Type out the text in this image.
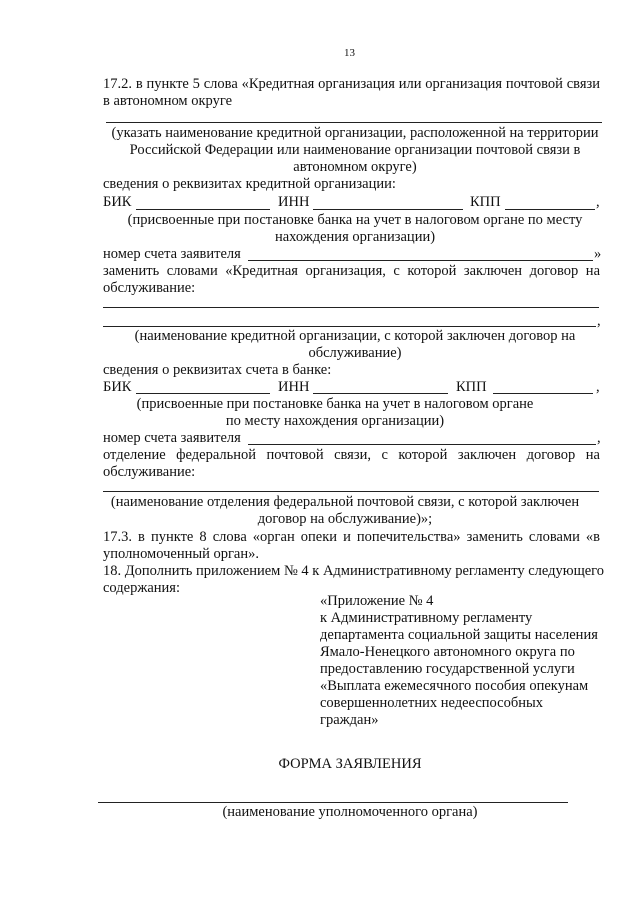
13
17.2. в пункте 5 слова «Кредитная организация или организация почтовой связи
в автономном округе
(указать наименование кредитной организации, расположенной на территории
Российской Федерации или наименование организации почтовой связи в
автономном округе)
сведения о реквизитах кредитной организации:
БИК	ИНН	КПП	,
(присвоенные при постановке банка на учет в налоговом органе по месту
нахождения организации)
номер счета заявителя	»
заменить словами «Кредитная организация, с которой заключен договор на
обслуживание:
,
(наименование кредитной организации, с которой заключен договор на
обслуживание)
сведения о реквизитах счета в банке:
БИК	ИНН	КПП	,
(присвоенные при постановке банка на учет в налоговом органе
по месту нахождения организации)
номер счета заявителя	,
отделение федеральной почтовой связи, с которой заключен договор на
обслуживание:
(наименование отделения федеральной почтовой связи, с которой заключен
договор на обслуживание)»;
17.3. в пункте 8 слова «орган опеки и попечительства» заменить словами «в
уполномоченный орган».
18. Дополнить приложением № 4 к Административному регламенту следующего
содержания:
«Приложение № 4
к Административному регламенту
департамента социальной защиты населения
Ямало-Ненецкого автономного округа по
предоставлению государственной услуги
«Выплата ежемесячного пособия опекунам
совершеннолетних недееспособных
граждан»
ФОРМА ЗАЯВЛЕНИЯ
(наименование уполномоченного органа)
